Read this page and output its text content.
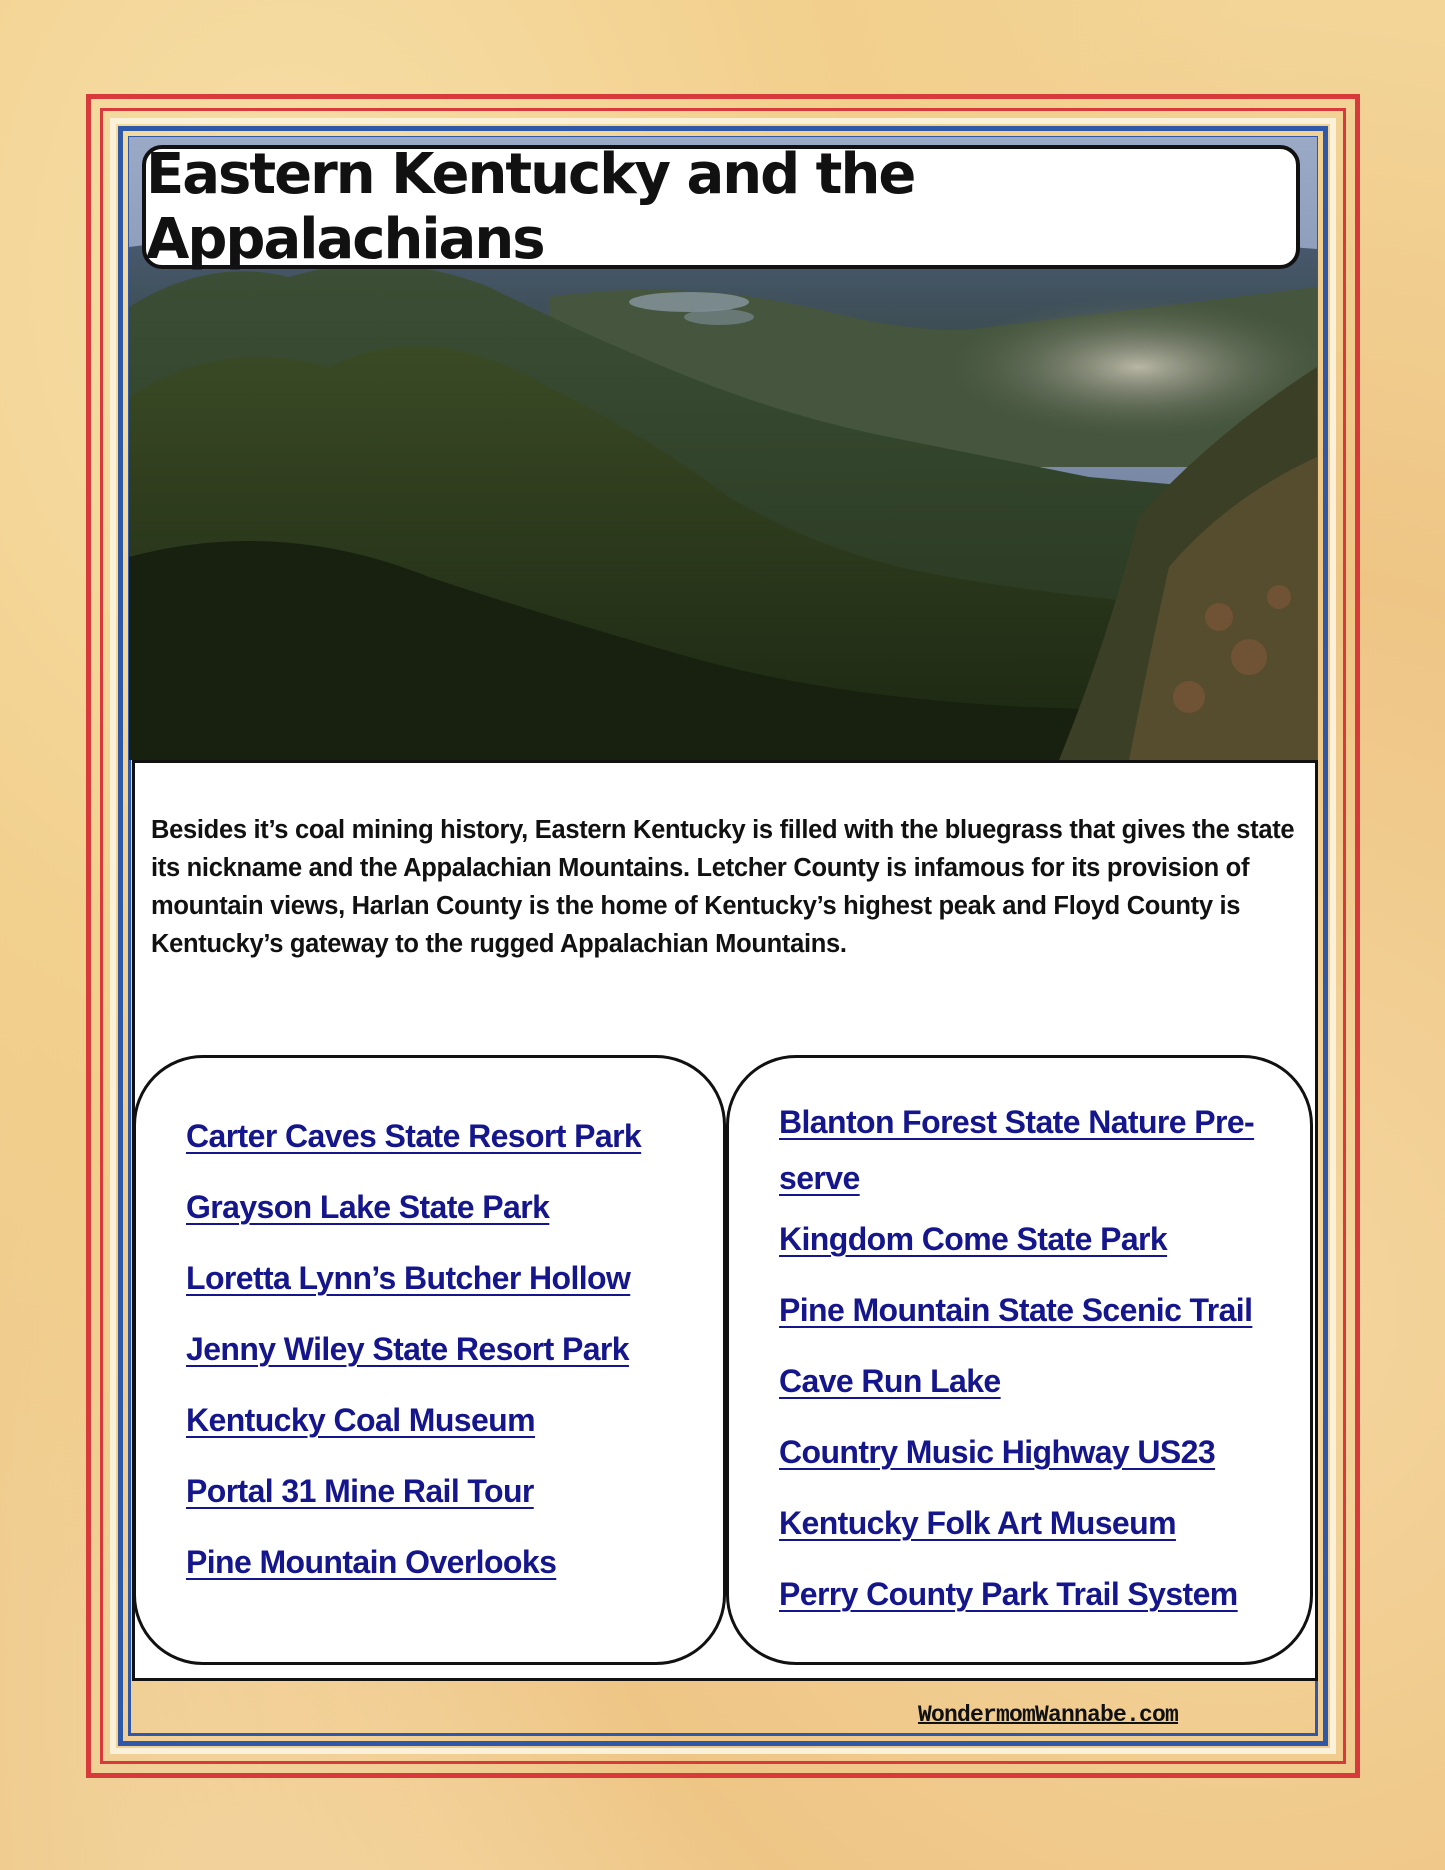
Eastern Kentucky and the Appalachians

Besides it’s coal mining history, Eastern Kentucky is filled with the bluegrass that gives the state its nickname and the Appalachian Mountains. Letcher County is infamous for its provision of mountain views, Harlan County is the home of Kentucky’s highest peak and Floyd County is Kentucky’s gateway to the rugged Appalachian Mountains.

Carter Caves State Resort Park
Grayson Lake State Park
Loretta Lynn’s Butcher Hollow
Jenny Wiley State Resort Park
Kentucky Coal Museum
Portal 31 Mine Rail Tour
Pine Mountain Overlooks
Blanton Forest State Nature Pre-serve
Kingdom Come State Park
Pine Mountain State Scenic Trail
Cave Run Lake
Country Music Highway US23
Kentucky Folk Art Museum
Perry County Park Trail System
WondermomWannabe.com
